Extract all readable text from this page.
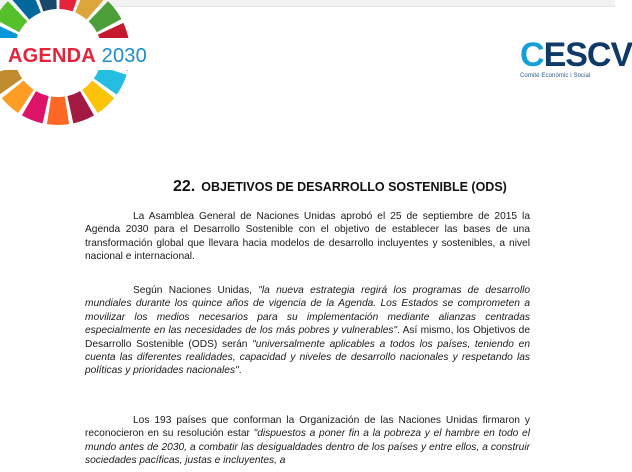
AGENDA 2030	CESCV
Comité Econòmic i Social
22. OBJETIVOS DE DESARROLLO SOSTENIBLE (ODS)

La Asamblea General de Naciones Unidas aprobó el 25 de septiembre de 2015 la Agenda 2030 para el Desarrollo Sostenible con el objetivo de establecer las bases de una transformación global que llevara hacia modelos de desarrollo incluyentes y sostenibles, a nivel nacional e internacional.

Según Naciones Unidas, "la nueva estrategia regirá los programas de desarrollo mundiales durante los quince años de vigencia de la Agenda. Los Estados se comprometen a movilizar los medios necesarios para su implementación mediante alianzas centradas especialmente en las necesidades de los más pobres y vulnerables". Así mismo, los Objetivos de Desarrollo Sostenible (ODS) serán "universalmente aplicables a todos los países, teniendo en cuenta las diferentes realidades, capacidad y niveles de desarrollo nacionales y respetando las políticas y prioridades nacionales".

Los 193 países que conforman la Organización de las Naciones Unidas firmaron y reconocieron en su resolución estar "dispuestos a poner fin a la pobreza y el hambre en todo el mundo antes de 2030, a combatir las desigualdades dentro de los países y entre ellos, a construir sociedades pacíficas, justas e incluyentes, a
